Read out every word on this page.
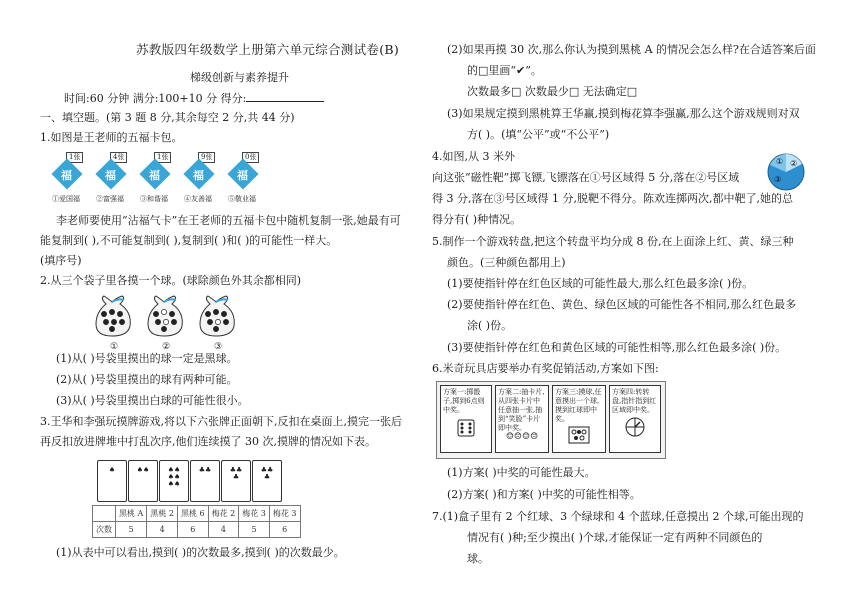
苏教版四年级数学上册第六单元综合测试卷(B)
梯级创新与素养提升
时间:60 分钟 满分:100+10 分 得分:
一、填空题。(第 3 题 8 分,其余每空 2 分,共 44 分)
1.如图是王老师的五福卡包。
1张
福
①爱国福
4张
福
②富强福
1张
福
③和谐福
9张
福
④友善福
0张
福
⑤敬业福
李老师要使用“沾福气卡”在王老师的五福卡包中随机复制一张,她最有可
能复制到( ),不可能复制到( ),复制到( )和( )的可能性一样大。
(填序号)
2.从三个袋子里各摸一个球。(球除颜色外其余都相同)
①	②	③
(1)从( )号袋里摸出的球一定是黑球。
(2)从( )号袋里摸出的球有两种可能。
(3)从( )号袋里摸出白球的可能性很小。
3.王华和李强玩摸牌游戏,将以下六张牌正面朝下,反扣在桌面上,摸完一张后
再反扣放进牌堆中打乱次序,他们连续摸了 30 次,摸牌的情况如下表。
♠	♠♠	♠♠
♠♠
♠♠

♣♣	♣♣
♣
♣♣
♣
	黑桃 A	黑桃 2	黑桃 6	梅花 2	梅花 3	梅花 3
次数	5	4	6	4	5	6
(1)从表中可以看出,摸到( )的次数最多,摸到( )的次数最少。
(2)如果再摸 30 次,那么你认为摸到黑桃 A 的情况会怎么样?在合适答案后面
的□里画“✔”。
次数最多□ 次数最少□ 无法确定□
(3)如果规定摸到黑桃算王华赢,摸到梅花算李强赢,那么这个游戏规则对双
方( )。(填“公平”或“不公平”)
4.如图,从 3 米外	① ②
③
向这张“磁性靶”掷飞镖,飞镖落在①号区域得 5 分,落在②号区域
得 3 分,落在③号区域得 1 分,脱靶不得分。陈欢连掷两次,都中靶了,她的总
得分有( )种情况。
5.制作一个游戏转盘,把这个转盘平均分成 8 份,在上面涂上红、黄、绿三种
颜色。(三种颜色都用上)
(1)要使指针停在红色区域的可能性最大,那么红色最多涂( )份。
(2)要使指针停在红色、黄色、绿色区域的可能性各不相同,那么红色最多
涂( )份。
(3)要使指针停在红色和黄色区域的可能性相等,那么红色最多涂( )份。
6.米奇玩具店要举办有奖促销活动,方案如下图:
方案一:掷骰子,掷到6点则中奖。
方案二:抽卡片,从四张卡片中任意抽一张,抽到“笑脸”卡片即中奖。
☺☹☺☹
方案三:摸球,任意摸出一个球,摸到红球即中奖。
方案四:转转盘,指针指到红区域即中奖。
(1)方案( )中奖的可能性最大。
(2)方案( )和方案( )中奖的可能性相等。
7.(1)盒子里有 2 个红球、3 个绿球和 4 个蓝球,任意摸出 2 个球,可能出现的
情况有( )种;至少摸出( )个球,才能保证一定有两种不同颜色的
球。
